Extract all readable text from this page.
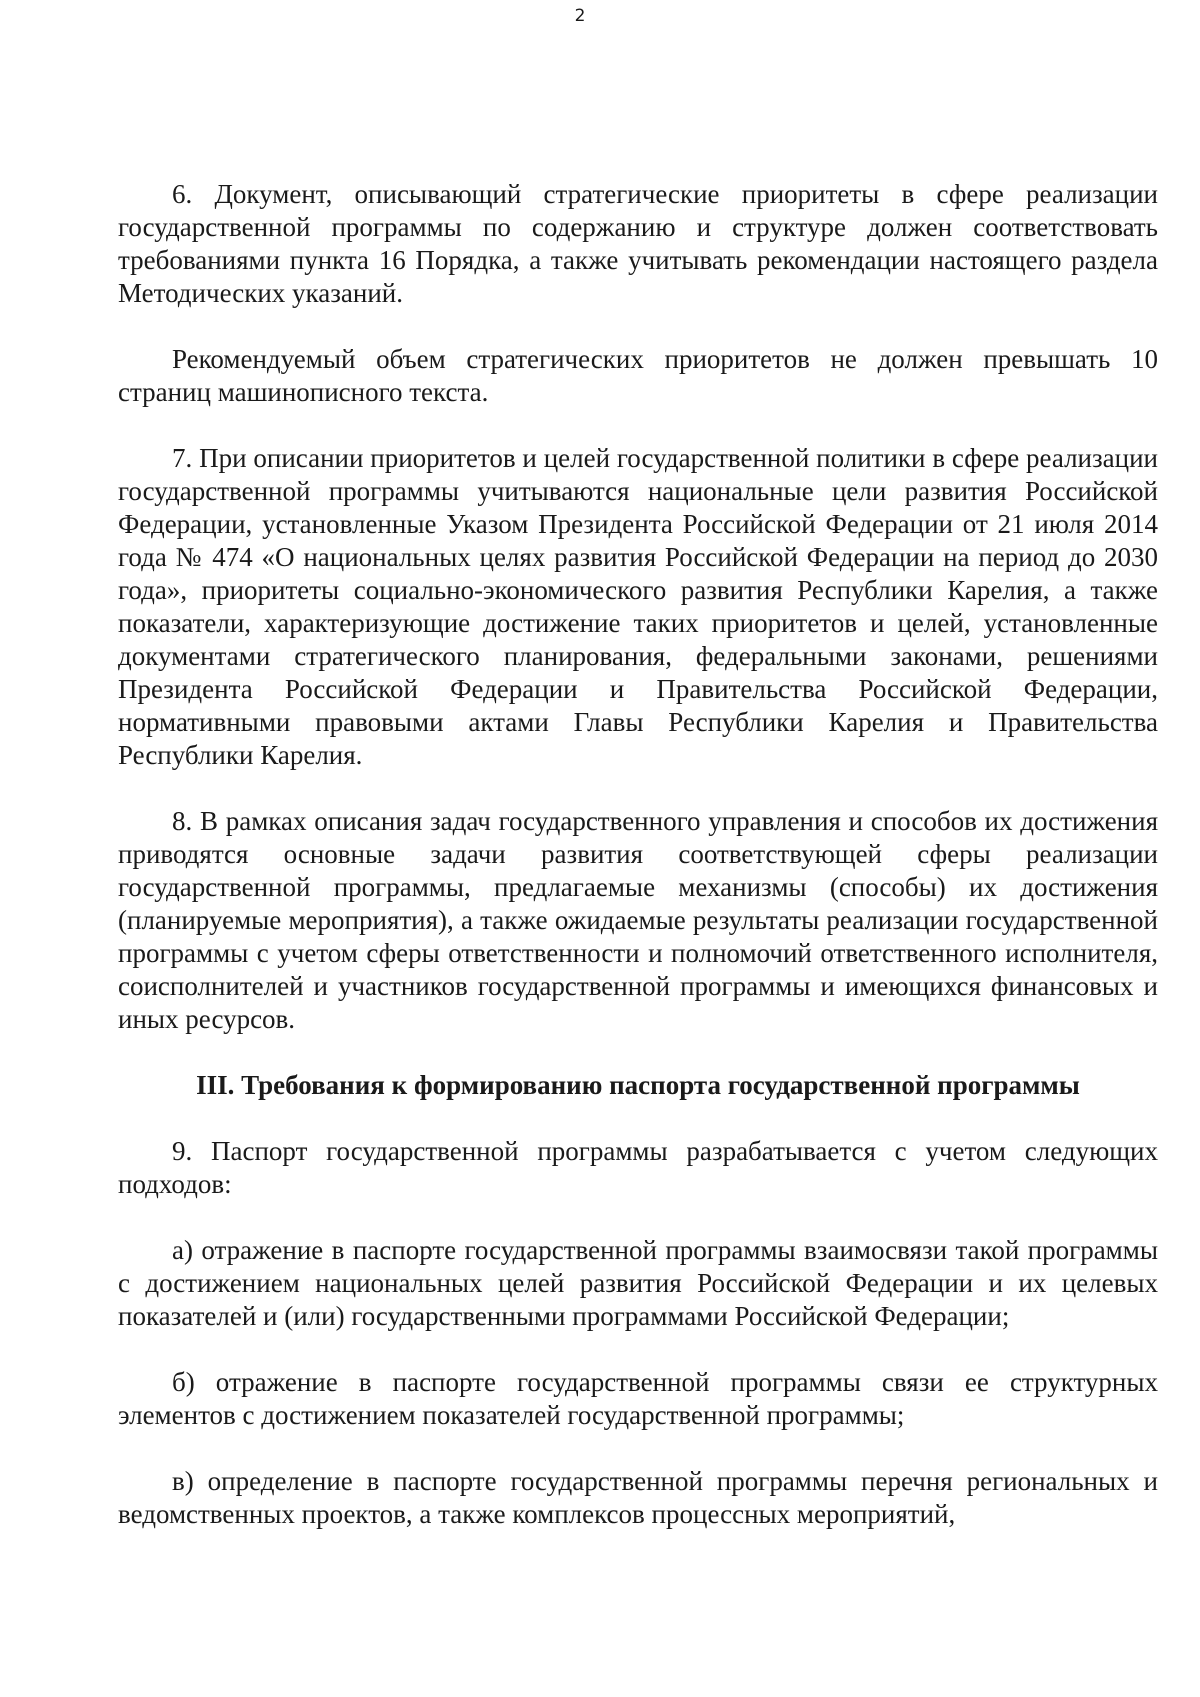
2

6. Документ, описывающий стратегические приоритеты в сфере реализации государственной программы по содержанию и структуре должен соответствовать требованиями пункта 16 Порядка, а также учитывать рекомендации настоящего раздела Методических указаний.

Рекомендуемый объем стратегических приоритетов не должен превышать 10 страниц машинописного текста.

7. При описании приоритетов и целей государственной политики в сфере реализации государственной программы учитываются национальные цели развития Российской Федерации, установленные Указом Президента Российской Федерации от 21 июля 2014 года № 474 «О национальных целях развития Российской Федерации на период до 2030 года», приоритеты социально-экономического развития Республики Карелия, а также показатели, характеризующие достижение таких приоритетов и целей, установленные документами стратегического планирования, федеральными законами, решениями Президента Российской Федерации и Правительства Российской Федерации, нормативными правовыми актами Главы Республики Карелия и Правительства Республики Карелия.

8. В рамках описания задач государственного управления и способов их достижения приводятся основные задачи развития соответствующей сферы реализации государственной программы, предлагаемые механизмы (способы) их достижения (планируемые мероприятия), а также ожидаемые результаты реализации государственной программы с учетом сферы ответственности и полномочий ответственного исполнителя, соисполнителей и участников государственной программы и имеющихся финансовых и иных ресурсов.

III. Требования к формированию паспорта государственной программы

9. Паспорт государственной программы разрабатывается с учетом следующих подходов:

а) отражение в паспорте государственной программы взаимосвязи такой программы с достижением национальных целей развития Российской Федерации и их целевых показателей и (или) государственными программами Российской Федерации;

б) отражение в паспорте государственной программы связи ее структурных элементов с достижением показателей государственной программы;

в) определение в паспорте государственной программы перечня региональных и ведомственных проектов, а также комплексов процессных мероприятий,
